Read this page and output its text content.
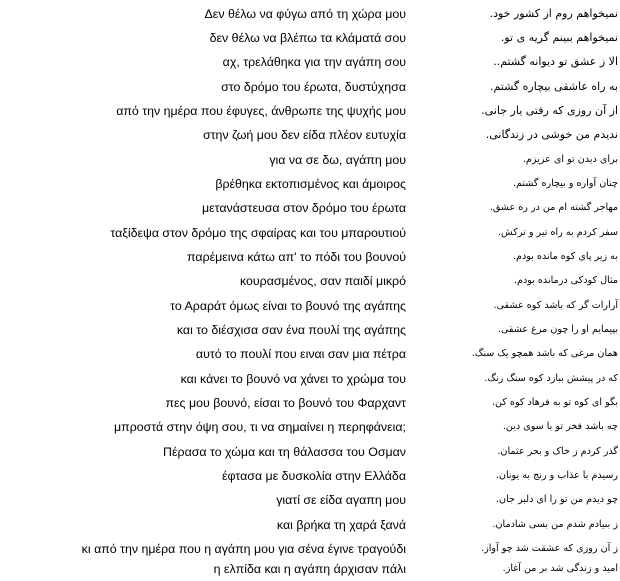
Δεν θέλω να φύγω από τη χώρα μου	نمیخواهم روم از کشور خود.
δεν θέλω να βλέπω τα κλάματά σου	نمیخواهم ببینم گریه ی تو.
αχ, τρελάθηκα για την αγάπη σου	الا ز عشق تو دیوانه گشتم..
στο δρόμο του έρωτα, δυστύχησα	به راه عاشقی بیچاره گشتم.
από την ημέρα που έφυγες, άνθρωπε της ψυχής μου	از آن روزی که رفتی یار جانی.
στην ζωή μου δεν είδα πλέον ευτυχία	ندیدم من خوشی در زندگانی.
για να σε δω, αγάπη μου	برای دیدن تو ای عزیزم.
βρέθηκα εκτοπισμένος και άμοιρος	چنان آواره و بیچاره گشتم.
μετανάστευσα στον δρόμο του έρωτα	مهاجر گشته ام من در ره عشق.
ταξίδεψα στον δρόμο της σφαίρας και του μπαρουτιού	سفر کردم به راه تیر و ترکش.
παρέμεινα κάτω απ' το πόδι του βουνού	به زیر پای کوه مانده بودم.
κουρασμένος, σαν παιδί μικρό	مثال کودکی درمانده بودم.
το Αραράτ όμως είναι το βουνό της αγάπης	آرارات گر که باشد کوه عشقی.
και το διέσχισα σαν ένα πουλί της αγάπης	بپیمایم او را چون مرغ عشقی.
αυτό το πουλί που ειναι σαν μια πέτρα	همان مرغی که باشد همچو یک سنگ.
και κάνει το βουνό να χάνει το χρώμα του	که در پیشش ببازد کوه سنگ رنگ.
πες μου βουνό, είσαι το βουνό του Φαρχαντ	بگو ای کوه تو به فرهاد کوه کن.
μπροστά στην όψη σου, τι να σημαίνει η περηφάνεια;	چه باشد فخر تو با سوی دین.
Πέρασα το χώμα και τη θάλασσα του Οσμαν	گذر کردم ز خاک و بحر عثمان.
έφτασα με δυσκολία στην Ελλάδα	رسیدم با عذاب و رنج به یونان.
γιατί σε είδα αγαπη μου	چو دیدم من تو را ای دلبر جان.
και βρήκα τη χαρά ξανά	ز بنیادم شدم من بسی شادمان.
κι από την ημέρα που η αγάπη μου για σένα έγινε τραγούδι	ز آن روزی که عشقت شد چو آواز.
η ελπίδα και η αγάπη άρχισαν πάλι	امید و زندگی شد بر من آغاز.
